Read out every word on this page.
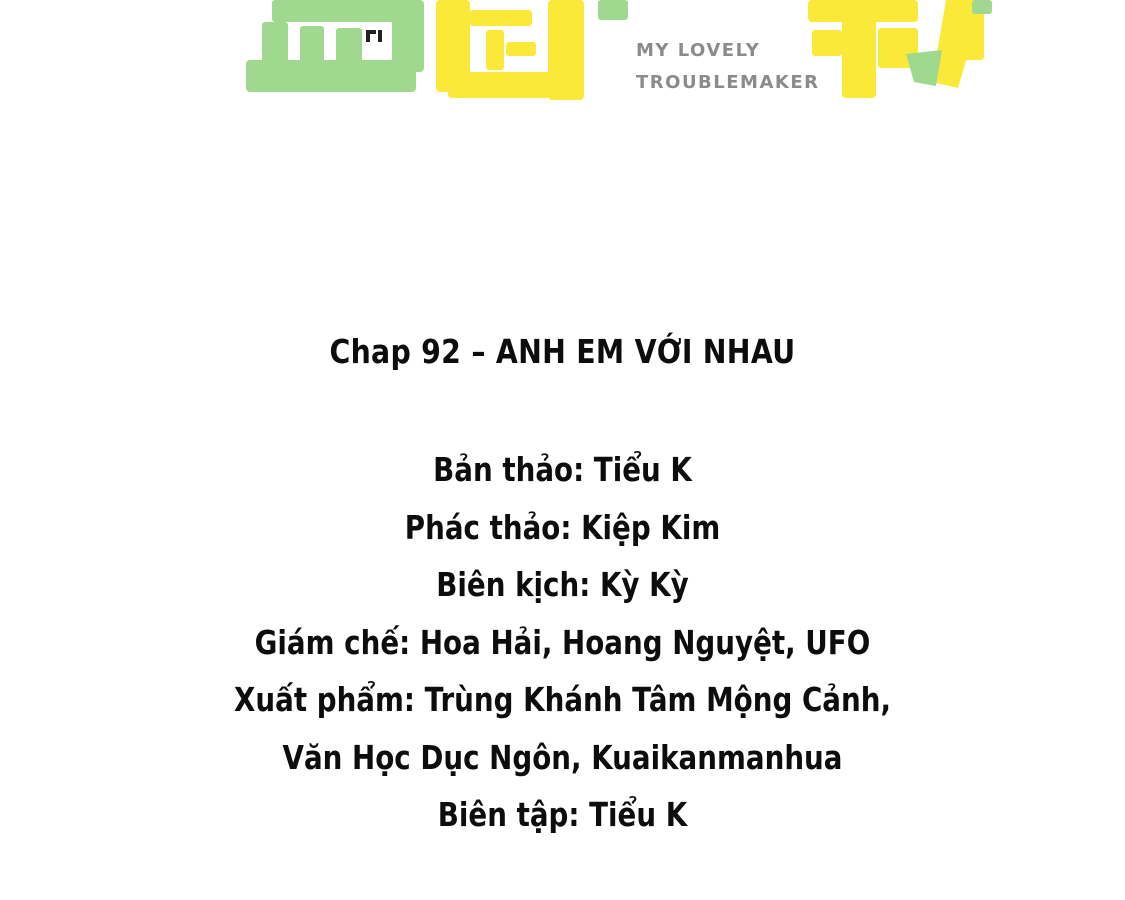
MY LOVELY
TROUBLEMAKER
Chap 92 – ANH EM VỚI NHAU
Bản thảo: Tiểu K
Phác thảo: Kiệp Kim
Biên kịch: Kỳ Kỳ
Giám chế: Hoa Hải, Hoang Nguyệt, UFO
Xuất phẩm: Trùng Khánh Tâm Mộng Cảnh,
Văn Học Dục Ngôn, Kuaikanmanhua
Biên tập: Tiểu K
